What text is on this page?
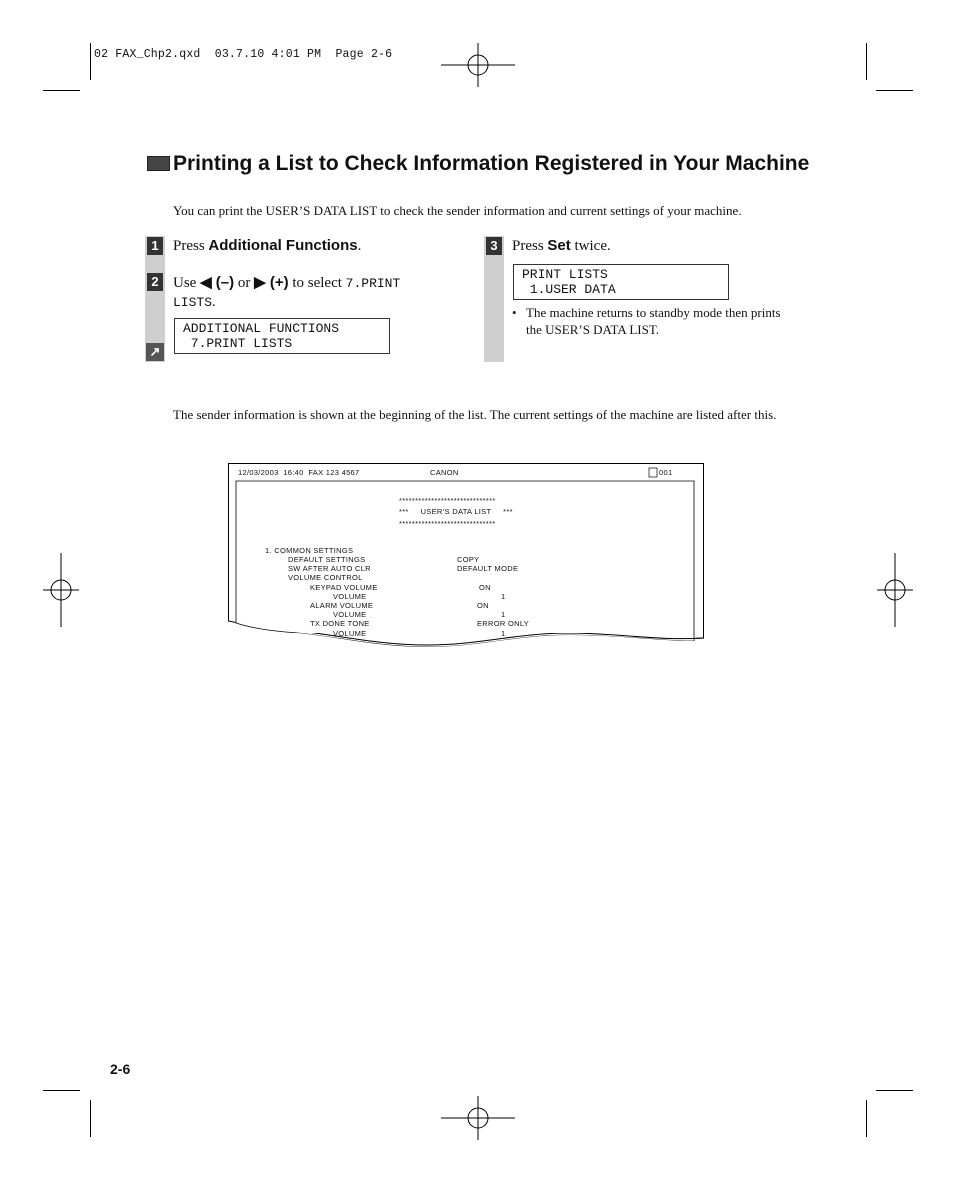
02 FAX_Chp2.qxd  03.7.10 4:01 PM  Page 2-6
Printing a List to Check Information Registered in Your Machine
You can print the USER’S DATA LIST to check the sender information and current settings of your machine.
1
2
↗
Press Additional Functions.
Use ◀ (–) or ▶ (+) to select 7.PRINT
LISTS.
ADDITIONAL FUNCTIONS
7.PRINT LISTS
3 Press Set twice.
PRINT LISTS
1.USER DATA
• The machine returns to standby mode then prints
the USER’S DATA LIST.
The sender information is shown at the beginning of the list. The current settings of the machine are listed after this.
12/03/2003  16:40  FAX 123 4567	CANON	001
******************************
***     USER’S DATA LIST     ***
******************************
1. COMMON SETTINGS
DEFAULT SETTINGS	COPY
SW AFTER AUTO CLR	DEFAULT MODE
VOLUME CONTROL
KEYPAD VOLUME	ON
VOLUME	1
ALARM VOLUME	ON
VOLUME	1
TX DONE TONE	ERROR ONLY
VOLUME	1
2-6
